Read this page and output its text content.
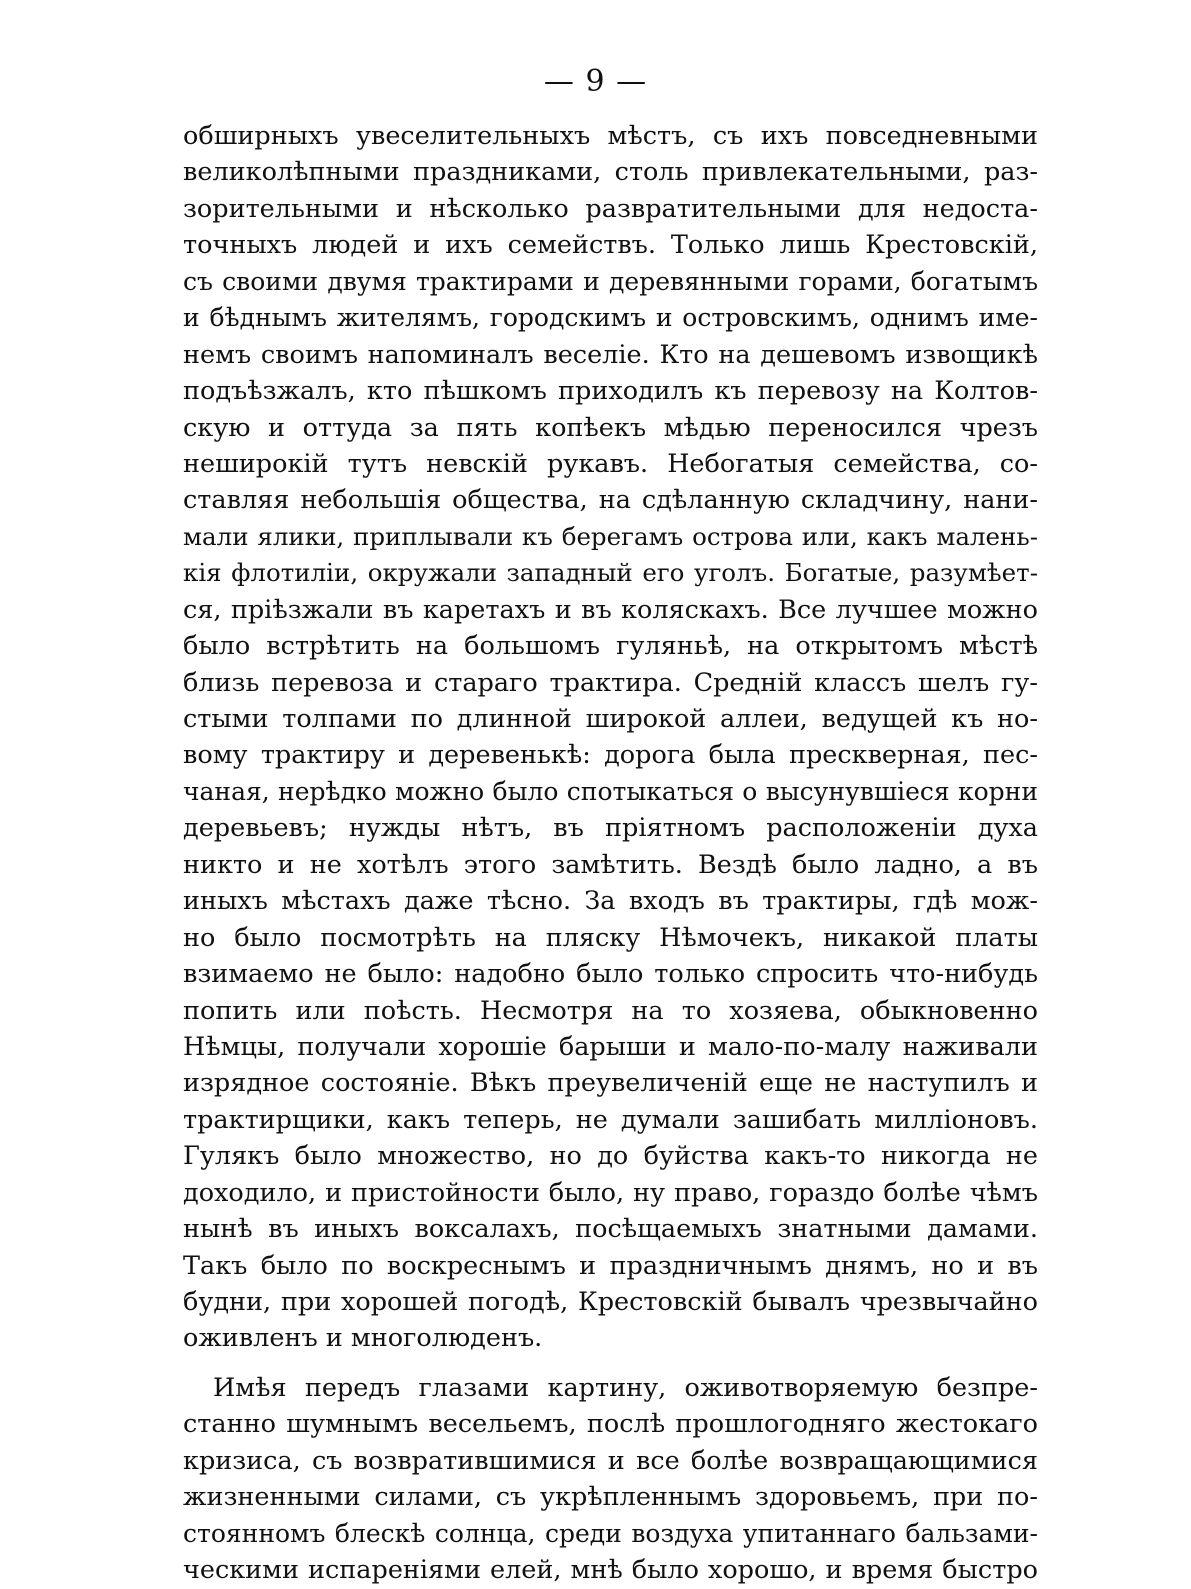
— 9 —
обширныхъ увеселительныхъ мѣстъ, съ ихъ повседневными
великолѣпными праздниками, столь привлекательными, раз-
зорительными и нѣсколько развратительными для недоста-
точныхъ людей и ихъ семействъ. Только лишь Крестовскій,
съ своими двумя трактирами и деревянными горами, богатымъ
и бѣднымъ жителямъ, городскимъ и островскимъ, однимъ име-
немъ своимъ напоминалъ веселіе. Кто на дешевомъ извощикѣ
подъѣзжалъ, кто пѣшкомъ приходилъ къ перевозу на Колтов-
скую и оттуда за пять копѣекъ мѣдью переносился чрезъ
неширокій тутъ невскій рукавъ. Небогатыя семейства, со-
ставляя небольшія общества, на сдѣланную складчину, нани-
мали ялики, приплывали къ берегамъ острова или, какъ малень-
кія флотиліи, окружали западный его уголъ. Богатые, разумѣет-
ся, пріѣзжали въ каретахъ и въ коляскахъ. Все лучшее можно
было встрѣтить на большомъ гуляньѣ, на открытомъ мѣстѣ
близь перевоза и стараго трактира. Средній классъ шелъ гу-
стыми толпами по длинной широкой аллеи, ведущей къ но-
вому трактиру и деревенькѣ: дорога была прескверная, пес-
чаная, нерѣдко можно было спотыкаться о высунувшіеся корни
деревьевъ; нужды нѣтъ, въ пріятномъ расположеніи духа
никто и не хотѣлъ этого замѣтить. Вездѣ было ладно, а въ
иныхъ мѣстахъ даже тѣсно. За входъ въ трактиры, гдѣ мож-
но было посмотрѣть на пляску Нѣмочекъ, никакой платы
взимаемо не было: надобно было только спросить что-нибудь
попить или поѣсть. Несмотря на то хозяева, обыкновенно
Нѣмцы, получали хорошіе барыши и мало-по-малу наживали
изрядное состояніе. Вѣкъ преувеличеній еще не наступилъ и
трактирщики, какъ теперь, не думали зашибать милліоновъ.
Гулякъ было множество, но до буйства какъ-то никогда не
доходило, и пристойности было, ну право, гораздо болѣе чѣмъ
нынѣ въ иныхъ воксалахъ, посѣщаемыхъ знатными дамами.
Такъ было по воскреснымъ и праздничнымъ днямъ, но и въ
будни, при хорошей погодѣ, Крестовскій бывалъ чрезвычайно
оживленъ и многолюденъ.
Имѣя передъ глазами картину, оживотворяемую безпре-
станно шумнымъ весельемъ, послѣ прошлогодняго жестокаго
кризиса, съ возвратившимися и все болѣе возвращающимися
жизненными силами, съ укрѣпленнымъ здоровьемъ, при по-
стоянномъ блескѣ солнца, среди воздуха упитаннаго бальзами-
ческими испареніями елей, мнѣ было хорошо, и время быстро
